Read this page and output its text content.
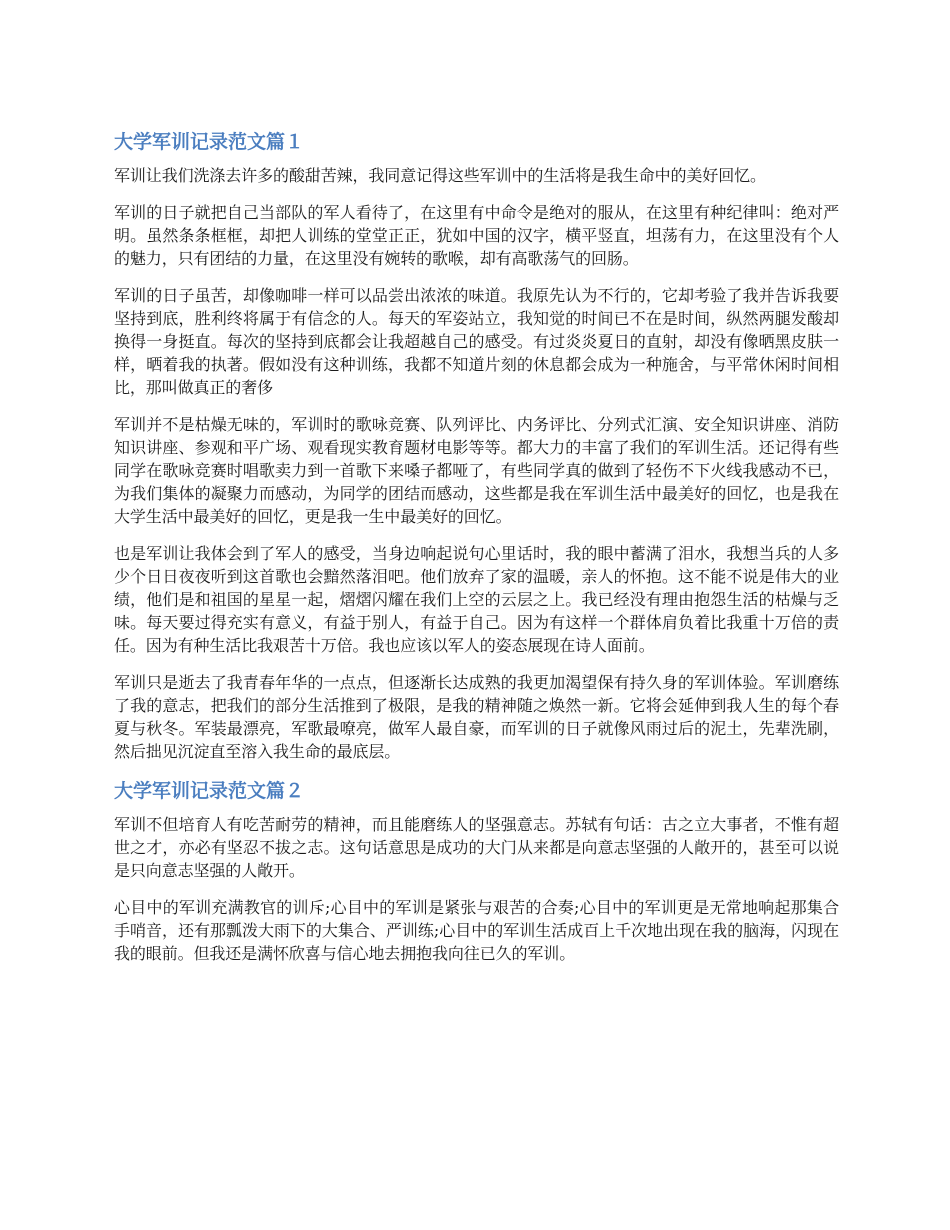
大学军训记录范文篇１

军训让我们洗涤去许多的酸甜苦辣，我同意记得这些军训中的生活将是我生命中的美好回忆。

军训的日子就把自己当部队的军人看待了，在这里有中命令是绝对的服从，在这里有种纪律叫：绝对严明。虽然条条框框，却把人训练的堂堂正正，犹如中国的汉字，横平竖直，坦荡有力，在这里没有个人的魅力，只有团结的力量，在这里没有婉转的歌喉，却有高歌荡气的回肠。

军训的日子虽苦，却像咖啡一样可以品尝出浓浓的味道。我原先认为不行的，它却考验了我并告诉我要坚持到底，胜利终将属于有信念的人。每天的军姿站立，我知觉的时间已不在是时间，纵然两腿发酸却换得一身挺直。每次的坚持到底都会让我超越自己的感受。有过炎炎夏日的直射，却没有像晒黑皮肤一样，晒着我的执著。假如没有这种训练，我都不知道片刻的休息都会成为一种施舍，与平常休闲时间相比，那叫做真正的奢侈

军训并不是枯燥无味的，军训时的歌咏竞赛、队列评比、内务评比、分列式汇演、安全知识讲座、消防知识讲座、参观和平广场、观看现实教育题材电影等等。都大力的丰富了我们的军训生活。还记得有些同学在歌咏竞赛时唱歌卖力到一首歌下来嗓子都哑了，有些同学真的做到了轻伤不下火线我感动不已，为我们集体的凝聚力而感动，为同学的团结而感动，这些都是我在军训生活中最美好的回忆，也是我在大学生活中最美好的回忆，更是我一生中最美好的回忆。

也是军训让我体会到了军人的感受，当身边响起说句心里话时，我的眼中蓄满了泪水，我想当兵的人多少个日日夜夜听到这首歌也会黯然落泪吧。他们放弃了家的温暖，亲人的怀抱。这不能不说是伟大的业绩，他们是和祖国的星星一起，熠熠闪耀在我们上空的云层之上。我已经没有理由抱怨生活的枯燥与乏味。每天要过得充实有意义，有益于别人，有益于自己。因为有这样一个群体肩负着比我重十万倍的责任。因为有种生活比我艰苦十万倍。我也应该以军人的姿态展现在诗人面前。

军训只是逝去了我青春年华的一点点，但逐渐长达成熟的我更加渴望保有持久身的军训体验。军训磨练了我的意志，把我们的部分生活推到了极限，是我的精神随之焕然一新。它将会延伸到我人生的每个春夏与秋冬。军装最漂亮，军歌最嘹亮，做军人最自豪，而军训的日子就像风雨过后的泥土，先辈洗刷，然后拙见沉淀直至溶入我生命的最底层。

大学军训记录范文篇２

军训不但培育人有吃苦耐劳的精神，而且能磨练人的坚强意志。苏轼有句话：古之立大事者，不惟有超世之才，亦必有坚忍不拔之志。这句话意思是成功的大门从来都是向意志坚强的人敞开的，甚至可以说是只向意志坚强的人敞开。

心目中的军训充满教官的训斥;心目中的军训是紧张与艰苦的合奏;心目中的军训更是无常地响起那集合手哨音，还有那瓢泼大雨下的大集合、严训练;心目中的军训生活成百上千次地出现在我的脑海，闪现在我的眼前。但我还是满怀欣喜与信心地去拥抱我向往已久的军训。
